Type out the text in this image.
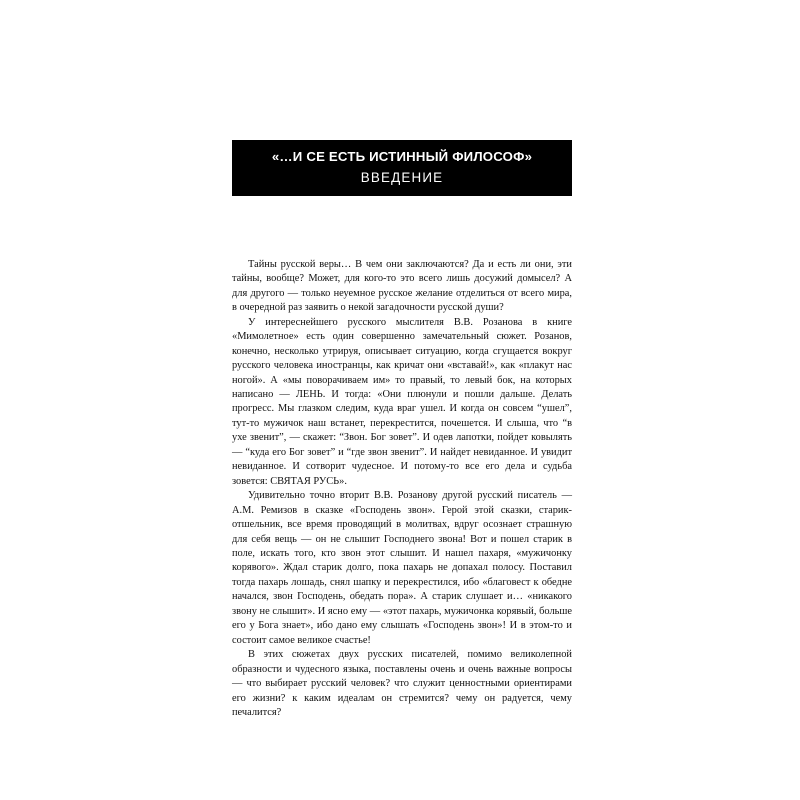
«…И СЕ ЕСТЬ ИСТИННЫЙ ФИЛОСОФ»
ВВЕДЕНИЕ

Тайны русской веры… В чем они заключаются? Да и есть ли они, эти тайны, вообще? Может, для кого-то это всего лишь досужий домысел? А для другого — только неуемное русское желание отделиться от всего мира, в очередной раз заявить о некой загадочности русской души?

У интереснейшего русского мыслителя В.В. Розанова в книге «Мимолетное» есть один совершенно замечательный сюжет. Розанов, конечно, несколько утрируя, описывает ситуацию, когда сгущается вокруг русского человека иностранцы, как кричат они «вставай!», как «плакут нас ногой». А «мы поворачиваем им» то правый, то левый бок, на которых написано — ЛЕНЬ. И тогда: «Они плюнули и пошли дальше. Делать прогресс. Мы глазком следим, куда враг ушел. И когда он совсем “ушел”, тут-то мужичок наш встанет, перекрестится, почешется. И слыша, что “в ухе звенит”, — скажет: “Звон. Бог зовет”. И одев лапотки, пойдет ковылять — “куда его Бог зовет” и “где звон звенит”. И найдет невиданное. И увидит невиданное. И сотворит чудесное. И потому-то все его дела и судьба зовется: СВЯТАЯ РУСЬ».

Удивительно точно вторит В.В. Розанову другой русский писатель — А.М. Ремизов в сказке «Господень звон». Герой этой сказки, старик-отшельник, все время проводящий в молитвах, вдруг осознает страшную для себя вещь — он не слышит Господнего звона! Вот и пошел старик в поле, искать того, кто звон этот слышит. И нашел пахаря, «мужичонку корявого». Ждал старик долго, пока пахарь не допахал полосу. Поставил тогда пахарь лошадь, снял шапку и перекрестился, ибо «благовест к обедне начался, звон Господень, обедать пора». А старик слушает и… «никакого звону не слышит». И ясно ему — «этот пахарь, мужичонка корявый, больше его у Бога знает», ибо дано ему слышать «Господень звон»! И в этом-то и состоит самое великое счастье!

В этих сюжетах двух русских писателей, помимо великолепной образности и чудесного языка, поставлены очень и очень важные вопросы — что выбирает русский человек? что служит ценностными ориентирами его жизни? к каким идеалам он стремится? чему он радуется, чему печалится?
